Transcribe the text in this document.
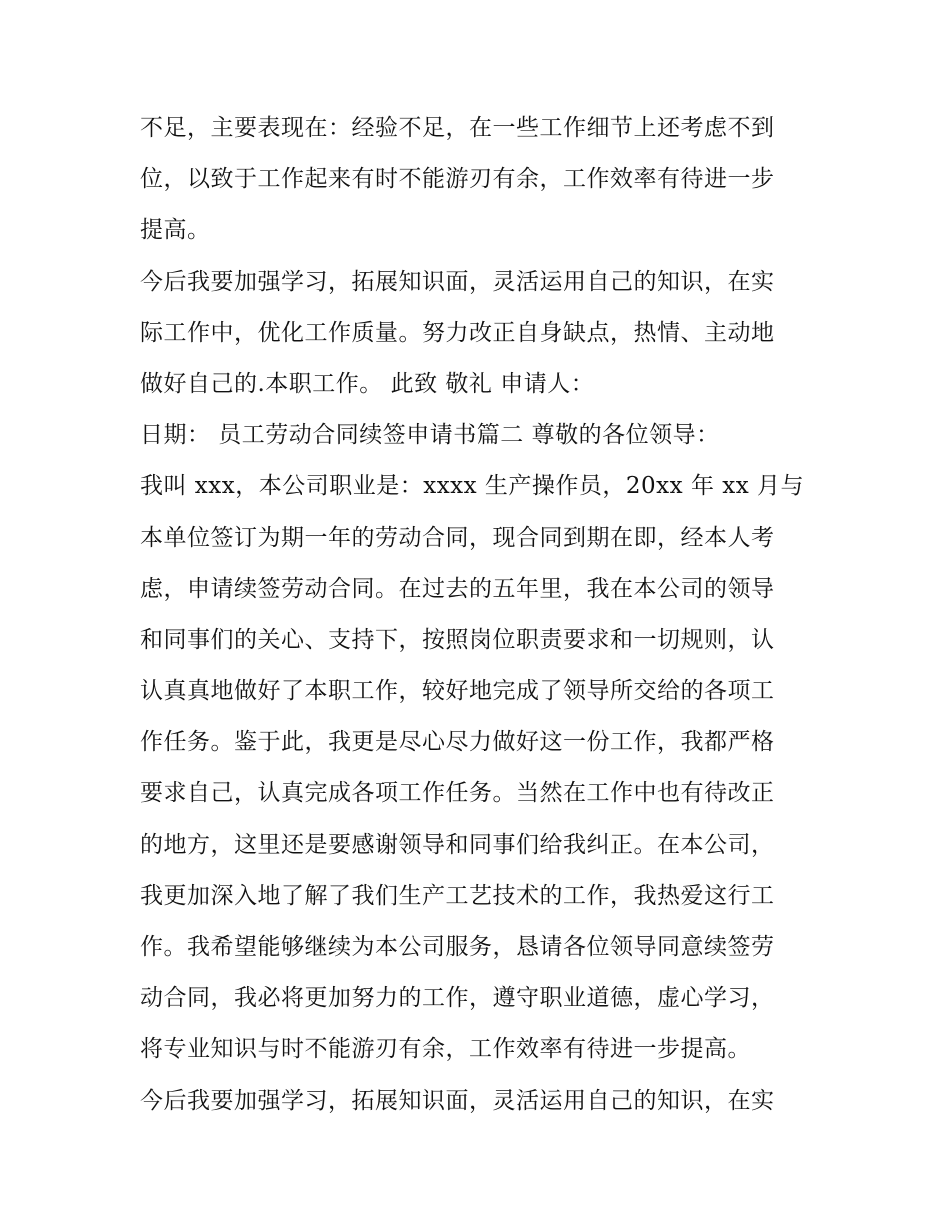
不足，主要表现在：经验不足，在一些工作细节上还考虑不到
位，以致于工作起来有时不能游刃有余，工作效率有待进一步
提高。
今后我要加强学习，拓展知识面，灵活运用自己的知识，在实
际工作中，优化工作质量。努力改正自身缺点，热情、主动地
做好自己的.本职工作。 此致 敬礼 申请人：
日期： 员工劳动合同续签申请书篇二 尊敬的各位领导：
我叫 xxx，本公司职业是：xxxx 生产操作员，20xx 年 xx 月与
本单位签订为期一年的劳动合同，现合同到期在即，经本人考
虑，申请续签劳动合同。在过去的五年里，我在本公司的领导
和同事们的关心、支持下，按照岗位职责要求和一切规则，认
认真真地做好了本职工作，较好地完成了领导所交给的各项工
作任务。鉴于此，我更是尽心尽力做好这一份工作，我都严格
要求自己，认真完成各项工作任务。当然在工作中也有待改正
的地方，这里还是要感谢领导和同事们给我纠正。在本公司，
我更加深入地了解了我们生产工艺技术的工作，我热爱这行工
作。我希望能够继续为本公司服务，恳请各位领导同意续签劳
动合同，我必将更加努力的工作，遵守职业道德，虚心学习，
将专业知识与时不能游刃有余，工作效率有待进一步提高。
今后我要加强学习，拓展知识面，灵活运用自己的知识，在实
